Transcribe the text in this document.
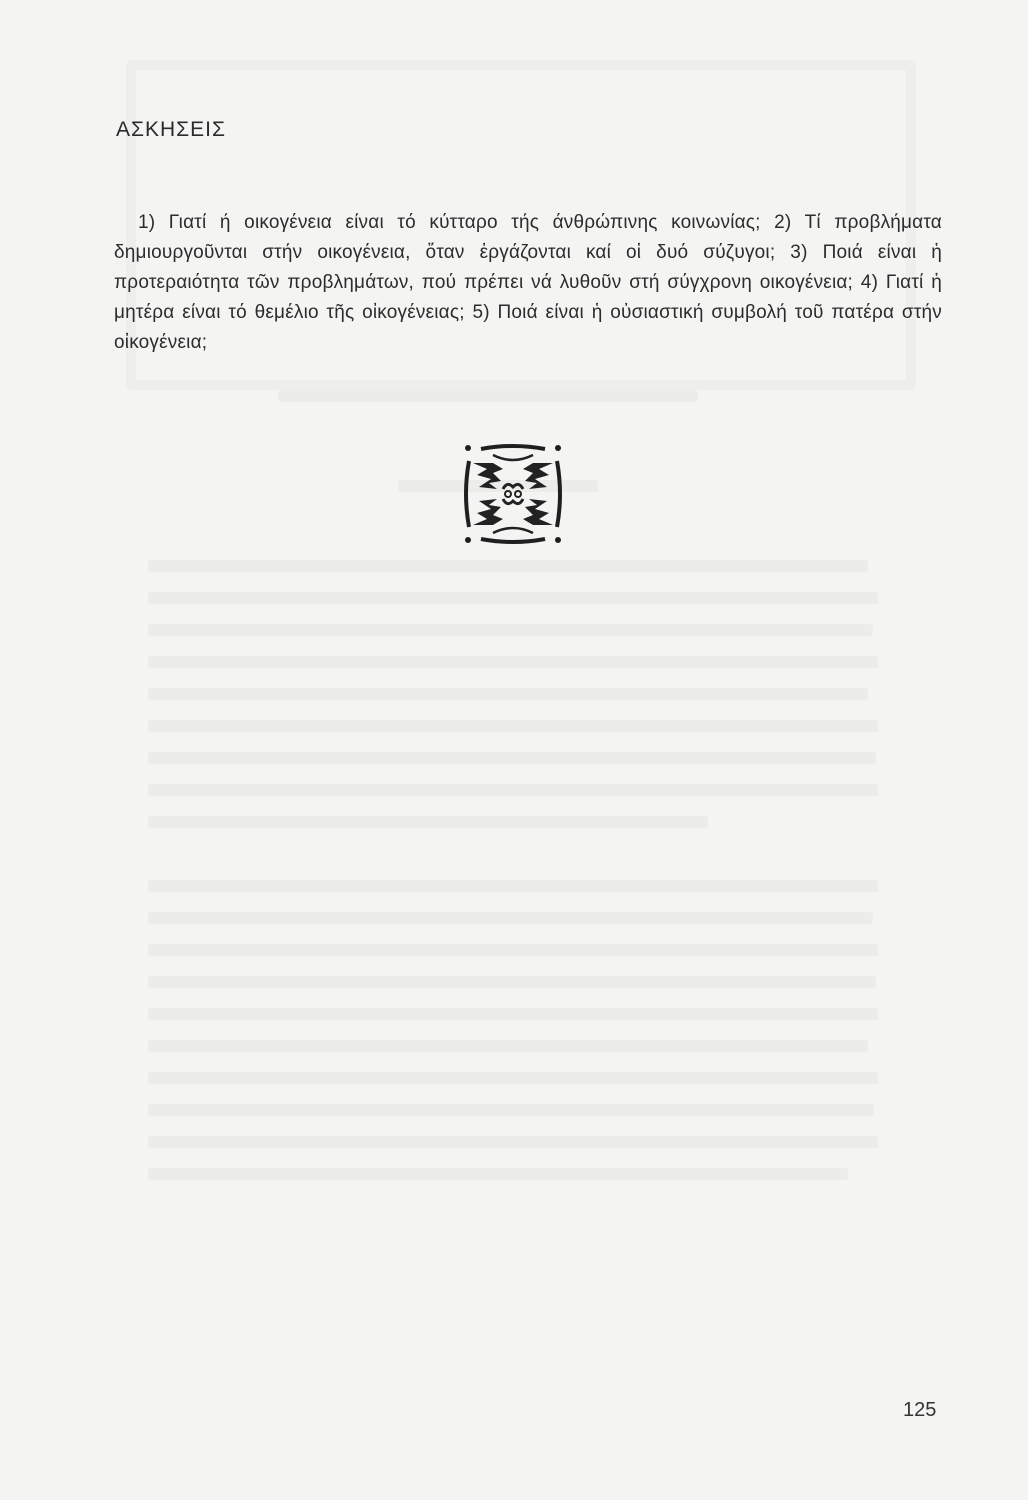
ΑΣΚΗΣΕΙΣ

1) Γιατί ή οικογένεια είναι τό κύτταρο τής άνθρώπινης κοινωνίας; 2) Τί προβλήματα δημιουργοῦνται στήν οικογένεια, ὅταν ἐργάζονται καί οἱ δυό σύζυγοι; 3) Ποιά είναι ἡ προτεραιότητα τῶν προβλημάτων, πού πρέπει νά λυθοῦν στή σύγχρονη οικογένεια; 4) Γιατί ἡ μητέρα είναι τό θεμέλιο τῆς οἰκογένειας; 5) Ποιά είναι ἡ οὐσιαστική συμβολή τοῦ πατέρα στήν οἰκογένεια;

125
